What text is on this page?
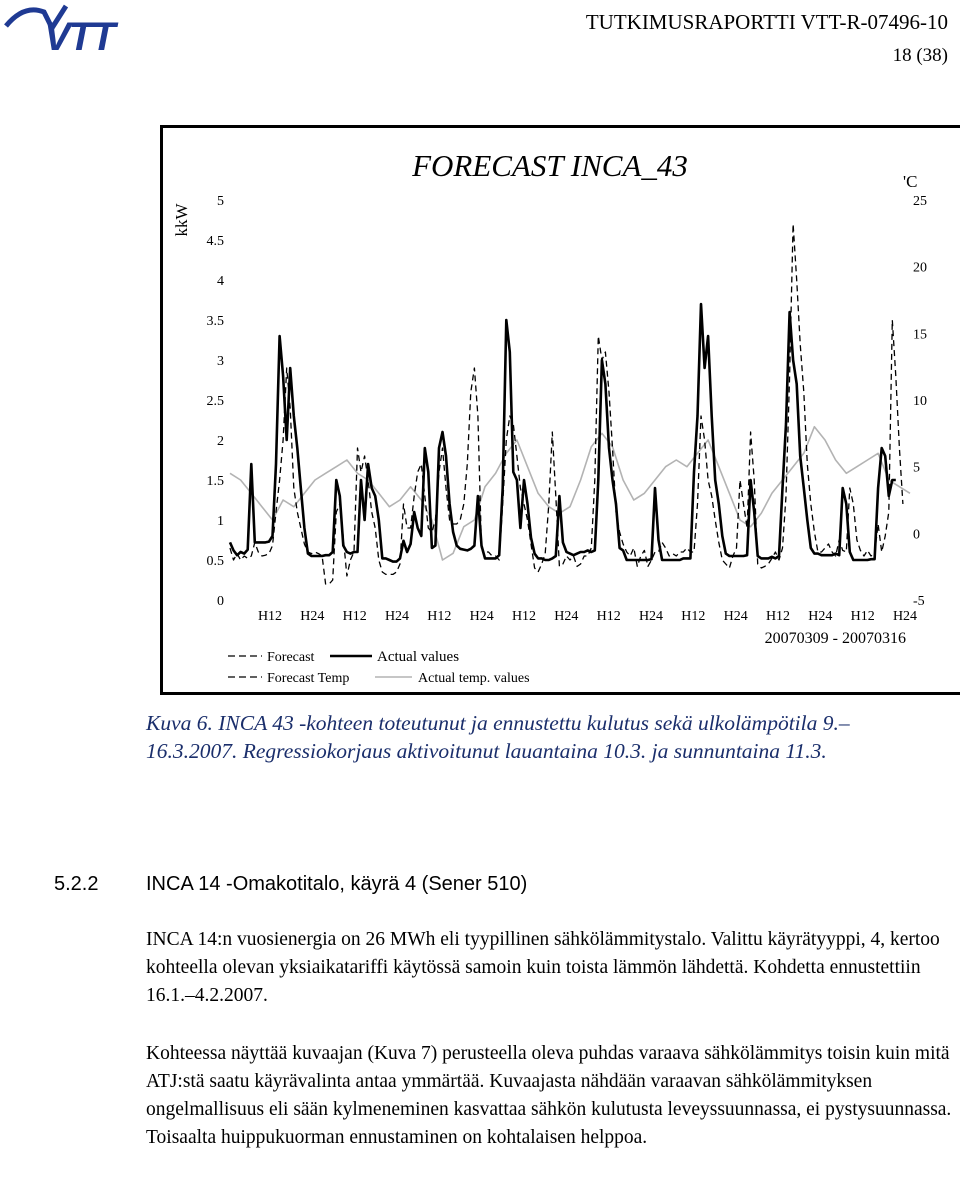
VTT	TUTKIMUSRAPORTTI VTT-R-07496-10
18 (38)
FORECAST INCA_43
kkW
'C
0
0.5
1
1.5
2
2.5
3
3.5
4
4.5
5
-5
0
5
10
15
20
25
H12 H24 H12 H24 H12 H24 H12 H24 H12 H24 H12 H24 H12 H24 H12 H24
20070309 - 20070316
Forecast	Actual values
Forecast Temp	Actual temp. values
Kuva 6. INCA 43 -kohteen toteutunut ja ennustettu kulutus sekä ulkolämpötila 9.–16.3.2007. Regressiokorjaus aktivoitunut lauantaina 10.3. ja sunnuntaina 11.3.
5.2.2 INCA 14 -Omakotitalo, käyrä 4 (Sener 510)
INCA 14:n vuosienergia on 26 MWh eli tyypillinen sähkölämmitystalo. Valittu käyrätyyppi, 4, kertoo kohteella olevan yksiaikatariffi käytössä samoin kuin toista lämmön lähdettä. Kohdetta ennustettiin 16.1.–4.2.2007.
Kohteessa näyttää kuvaajan (Kuva 7) perusteella oleva puhdas varaava sähkölämmitys toisin kuin mitä ATJ:stä saatu käyrävalinta antaa ymmärtää. Kuvaajasta nähdään varaavan sähkölämmityksen ongelmallisuus eli sään kylmeneminen kasvattaa sähkön kulutusta leveyssuunnassa, ei pystysuunnassa. Toisaalta huippukuorman ennustaminen on kohtalaisen helppoa.
